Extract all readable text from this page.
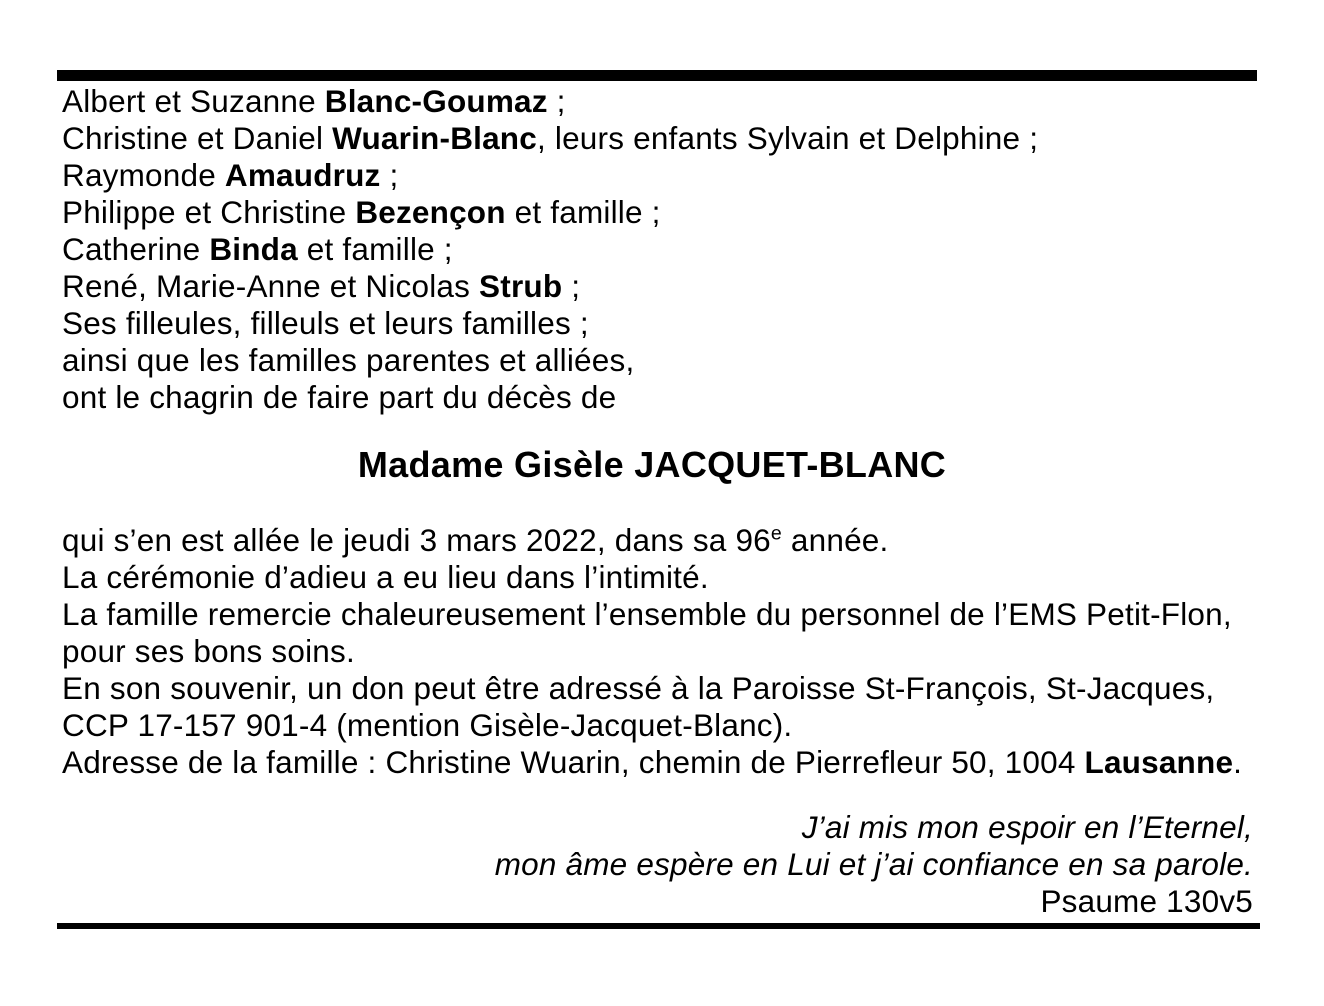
Albert et Suzanne Blanc-Goumaz ;
Christine et Daniel Wuarin-Blanc, leurs enfants Sylvain et Delphine ;
Raymonde Amaudruz ;
Philippe et Christine Bezençon et famille ;
Catherine Binda et famille ;
René, Marie-Anne et Nicolas Strub ;
Ses filleules, filleuls et leurs familles ;
ainsi que les familles parentes et alliées,
ont le chagrin de faire part du décès de
Madame Gisèle JACQUET-BLANC
qui s’en est allée le jeudi 3 mars 2022, dans sa 96e année.
La cérémonie d’adieu a eu lieu dans l’intimité.
La famille remercie chaleureusement l’ensemble du personnel de l’EMS Petit-Flon,
pour ses bons soins.
En son souvenir, un don peut être adressé à la Paroisse St-François, St-Jacques,
CCP 17-157 901-4 (mention Gisèle-Jacquet-Blanc).
Adresse de la famille : Christine Wuarin, chemin de Pierrefleur 50, 1004 Lausanne.
J’ai mis mon espoir en l’Eternel,
mon âme espère en Lui et j’ai confiance en sa parole.
Psaume 130v5
